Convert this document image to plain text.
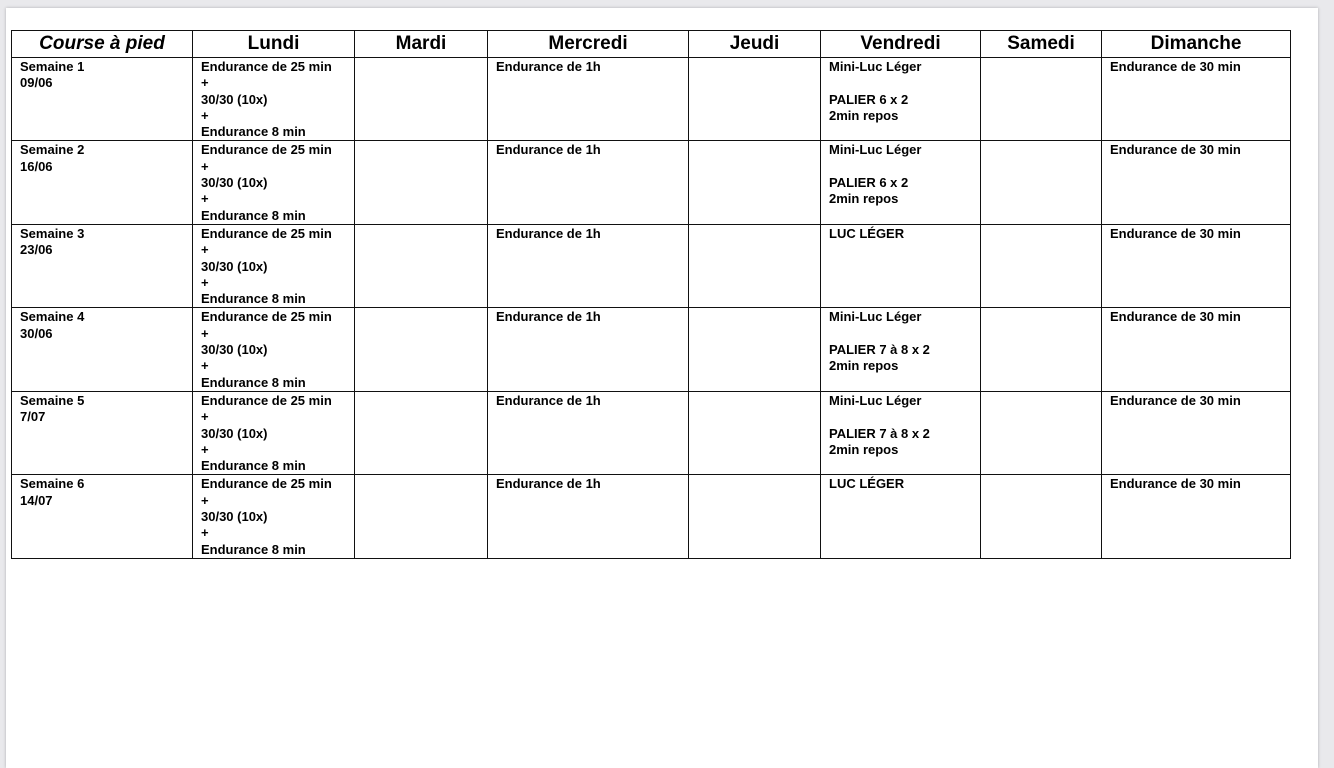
Course à pied	Lundi	Mardi	Mercredi	Jeudi	Vendredi	Samedi	Dimanche

Semaine 1
09/06	Endurance de 25 min
+
30/30 (10x)
+
Endurance 8 min		Endurance de 1h		Mini-Luc Léger
PALIER 6 x 2
2min repos		Endurance de 30 min

Semaine 2
16/06	Endurance de 25 min
+
30/30 (10x)
+
Endurance 8 min		Endurance de 1h		Mini-Luc Léger
PALIER 6 x 2
2min repos		Endurance de 30 min

Semaine 3
23/06	Endurance de 25 min
+
30/30 (10x)
+
Endurance 8 min		Endurance de 1h		LUC LÉGER		Endurance de 30 min

Semaine 4
30/06	Endurance de 25 min
+
30/30 (10x)
+
Endurance 8 min		Endurance de 1h		Mini-Luc Léger
PALIER 7 à 8 x 2
2min repos		Endurance de 30 min

Semaine 5
7/07	Endurance de 25 min
+
30/30 (10x)
+
Endurance 8 min		Endurance de 1h		Mini-Luc Léger
PALIER 7 à 8 x 2
2min repos		Endurance de 30 min

Semaine 6
14/07	Endurance de 25 min
+
30/30 (10x)
+
Endurance 8 min		Endurance de 1h		LUC LÉGER		Endurance de 30 min
